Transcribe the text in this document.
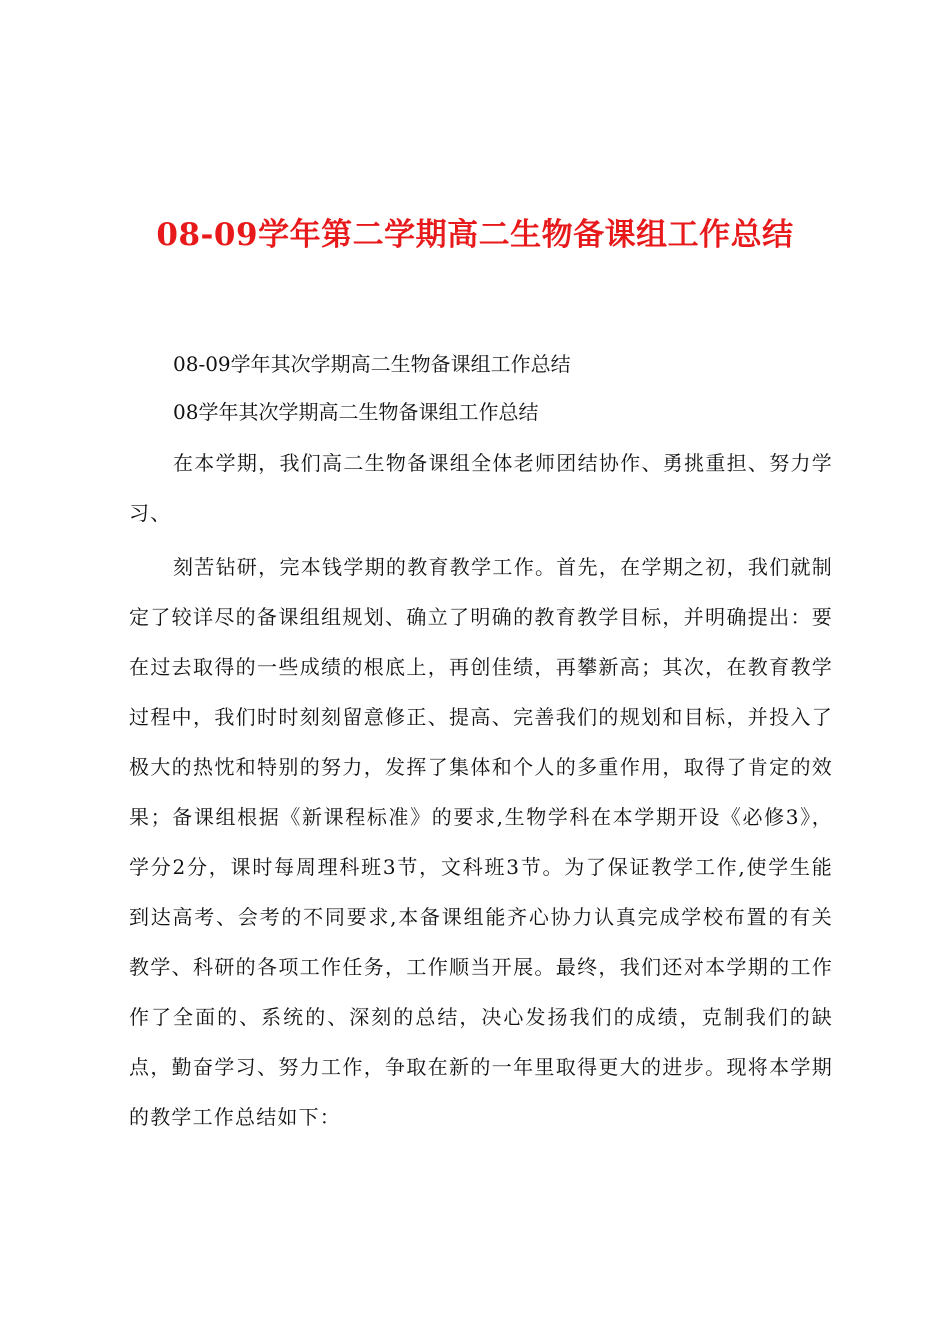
08-09学年第二学期高二生物备课组工作总结

08-09学年其次学期高二生物备课组工作总结

08学年其次学期高二生物备课组工作总结

在本学期，我们高二生物备课组全体老师团结协作、勇挑重担、努力学习、

刻苦钻研，完本钱学期的教育教学工作。首先，在学期之初，我们就制定了较详尽的备课组组规划、确立了明确的教育教学目标，并明确提出：要在过去取得的一些成绩的根底上，再创佳绩，再攀新高；其次，在教育教学过程中，我们时时刻刻留意修正、提高、完善我们的规划和目标，并投入了极大的热忱和特别的努力，发挥了集体和个人的多重作用，取得了肯定的效果；备课组根据《新课程标准》的要求,生物学科在本学期开设《必修3》，学分2分，课时每周理科班3节，文科班3节。为了保证教学工作,使学生能到达高考、会考的不同要求,本备课组能齐心协力认真完成学校布置的有关教学、科研的各项工作任务，工作顺当开展。最终，我们还对本学期的工作作了全面的、系统的、深刻的总结，决心发扬我们的成绩，克制我们的缺点，勤奋学习、努力工作，争取在新的一年里取得更大的进步。现将本学期的教学工作总结如下：
